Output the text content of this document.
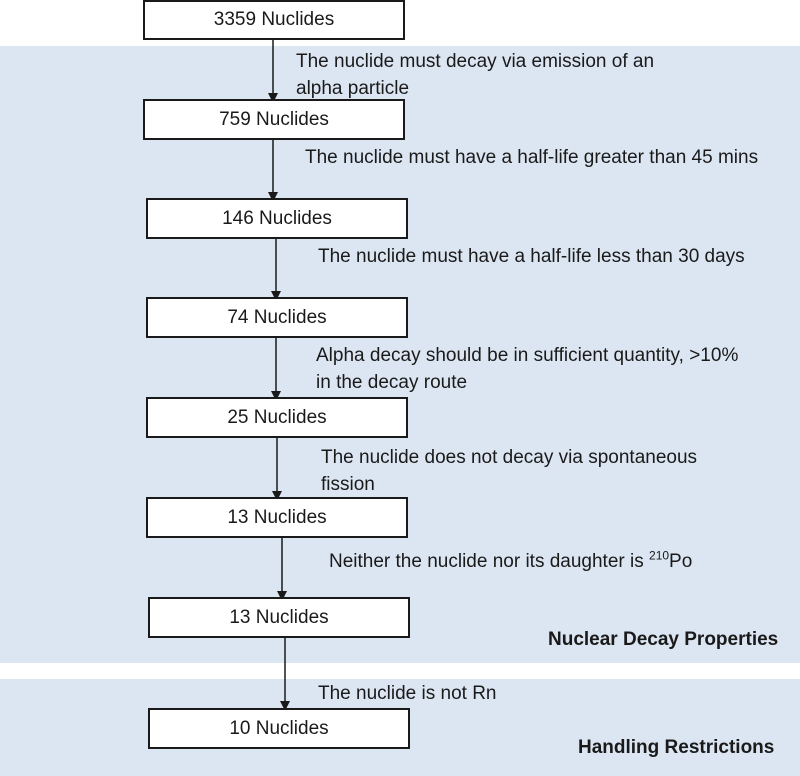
Nuclear Decay Properties
Handling Restrictions
3359 Nuclides
759 Nuclides
146 Nuclides
74 Nuclides
25 Nuclides
13 Nuclides
13 Nuclides
10 Nuclides
The nuclide must decay via emission of an alpha particle
The nuclide must have a half-life greater than 45 mins
The nuclide must have a half-life less than 30 days
Alpha decay should be in sufficient quantity, >10% in the decay route
The nuclide does not decay via spontaneous fission
Neither the nuclide nor its daughter is $^{210}$Po
The nuclide is not Rn
